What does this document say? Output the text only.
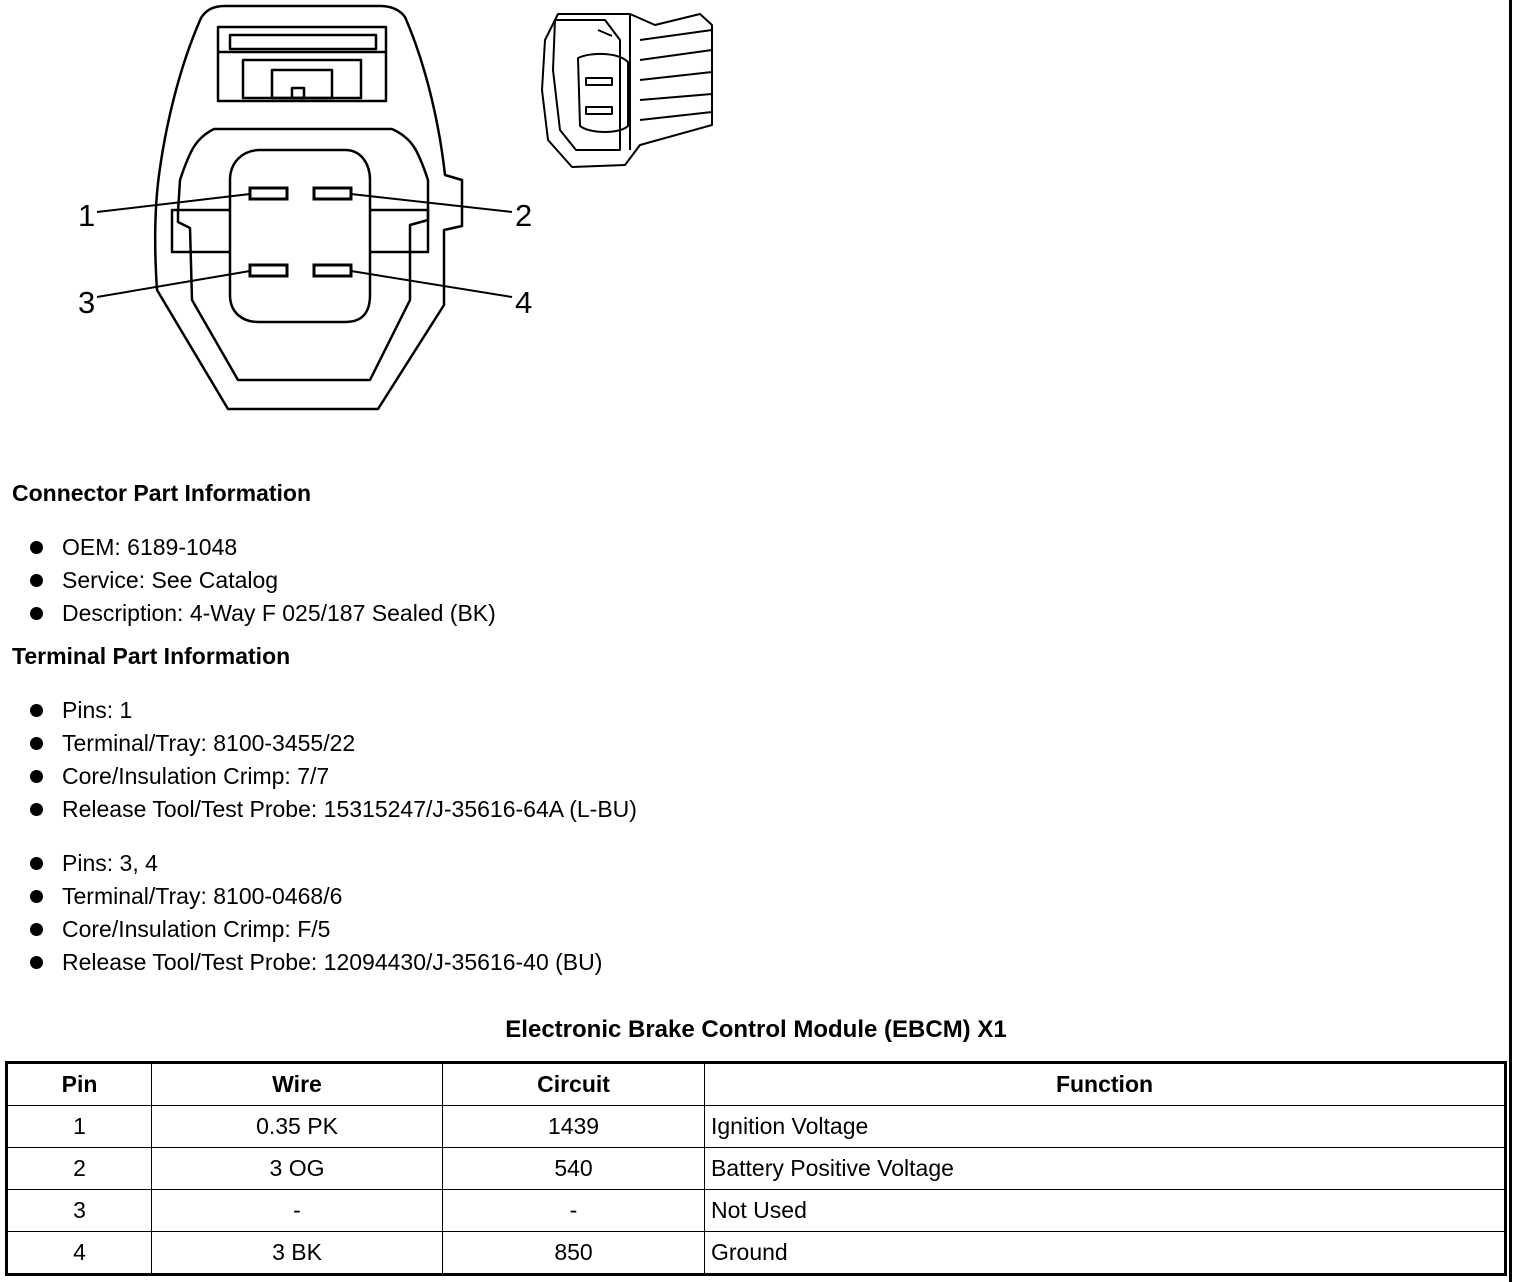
1	2
3	4
Connector Part Information
OEM: 6189-1048
Service: See Catalog
Description: 4-Way F 025/187 Sealed (BK)
Terminal Part Information
Pins: 1
Terminal/Tray: 8100-3455/22
Core/Insulation Crimp: 7/7
Release Tool/Test Probe: 15315247/J-35616-64A (L-BU)
Pins: 3, 4
Terminal/Tray: 8100-0468/6
Core/Insulation Crimp: F/5
Release Tool/Test Probe: 12094430/J-35616-40 (BU)
Electronic Brake Control Module (EBCM) X1
Pin	Wire	Circuit	Function
1	0.35 PK	1439	Ignition Voltage
2	3 OG	540	Battery Positive Voltage
3	-	-	Not Used
4	3 BK	850	Ground
